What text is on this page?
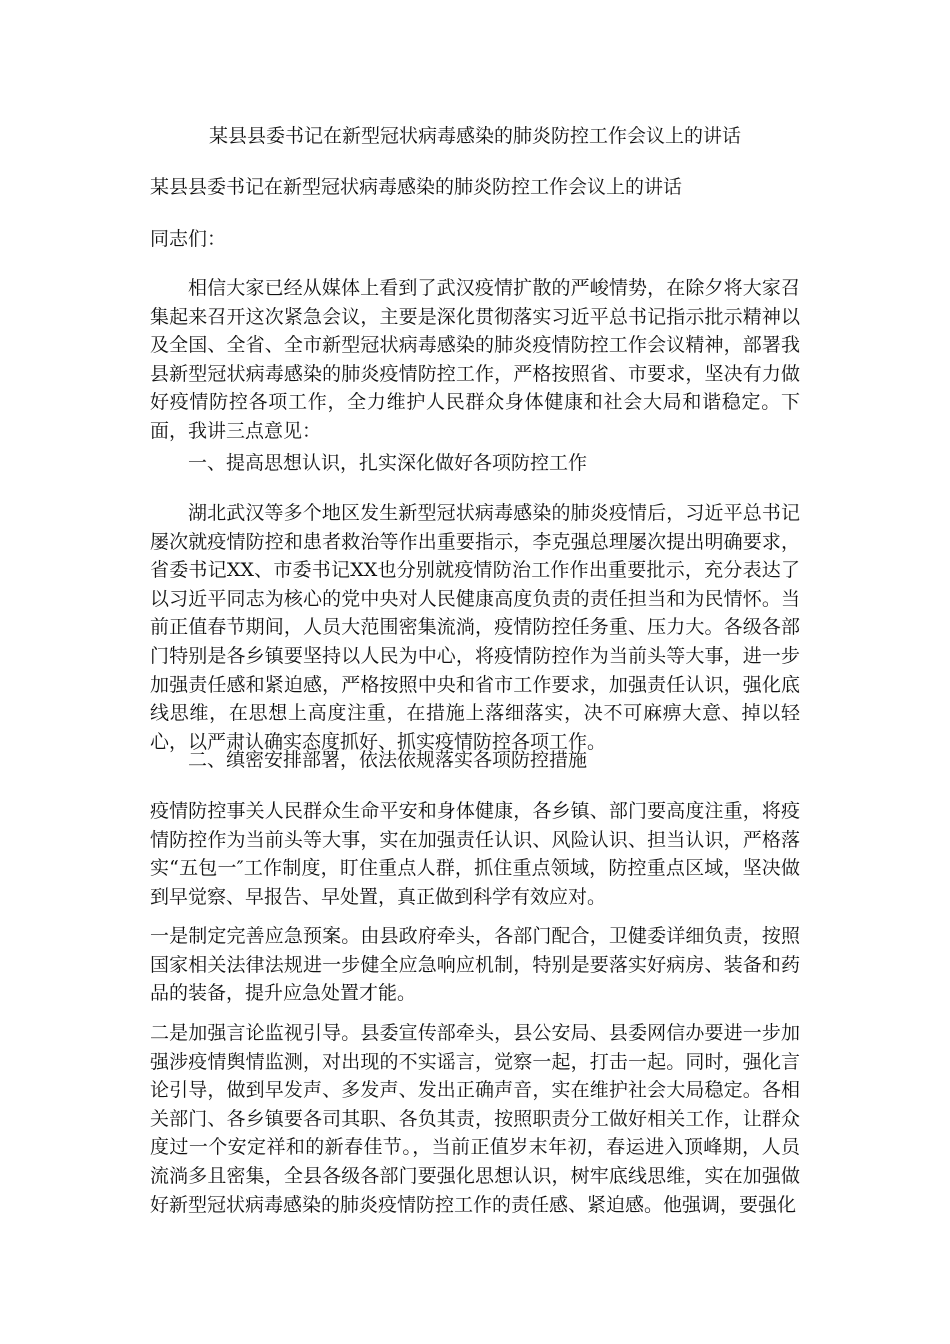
某县县委书记在新型冠状病毒感染的肺炎防控工作会议上的讲话

某县县委书记在新型冠状病毒感染的肺炎防控工作会议上的讲话

同志们：

相信大家已经从媒体上看到了武汉疫情扩散的严峻情势，在除夕将大家召集起来召开这次紧急会议，主要是深化贯彻落实习近平总书记指示批示精神以及全国、全省、全市新型冠状病毒感染的肺炎疫情防控工作会议精神，部署我县新型冠状病毒感染的肺炎疫情防控工作，严格按照省、市要求，坚决有力做好疫情防控各项工作，全力维护人民群众身体健康和社会大局和谐稳定。下面，我讲三点意见：

一、提高思想认识，扎实深化做好各项防控工作

湖北武汉等多个地区发生新型冠状病毒感染的肺炎疫情后，习近平总书记屡次就疫情防控和患者救治等作出重要指示，李克强总理屡次提出明确要求，省委书记XX、市委书记XX也分别就疫情防治工作作出重要批示，充分表达了以习近平同志为核心的党中央对人民健康高度负责的责任担当和为民情怀。当前正值春节期间，人员大范围密集流淌，疫情防控任务重、压力大。各级各部门特别是各乡镇要坚持以人民为中心，将疫情防控作为当前头等大事，进一步加强责任感和紧迫感，严格按照中央和省市工作要求，加强责任认识，强化底线思维，在思想上高度注重，在措施上落细落实，决不可麻痹大意、掉以轻心，以严肃认确实态度抓好、抓实疫情防控各项工作。

二、缜密安排部署，依法依规落实各项防控措施

疫情防控事关人民群众生命平安和身体健康，各乡镇、部门要高度注重，将疫情防控作为当前头等大事，实在加强责任认识、风险认识、担当认识，严格落实“五包一″工作制度，盯住重点人群，抓住重点领域，防控重点区域，坚决做到早觉察、早报告、早处置，真正做到科学有效应对。

一是制定完善应急预案。由县政府牵头，各部门配合，卫健委详细负责，按照国家相关法律法规进一步健全应急响应机制，特别是要落实好病房、装备和药品的装备，提升应急处置才能。

二是加强言论监视引导。县委宣传部牵头，县公安局、县委网信办要进一步加强涉疫情舆情监测，对出现的不实谣言，觉察一起，打击一起。同时，强化言论引导，做到早发声、多发声、发出正确声音，实在维护社会大局稳定。各相关部门、各乡镇要各司其职、各负其责，按照职责分工做好相关工作，让群众度过一个安定祥和的新春佳节。，当前正值岁末年初，春运进入顶峰期，人员流淌多且密集，全县各级各部门要强化思想认识，树牢底线思维，实在加强做好新型冠状病毒感染的肺炎疫情防控工作的责任感、紧迫感。他强调，要强化
